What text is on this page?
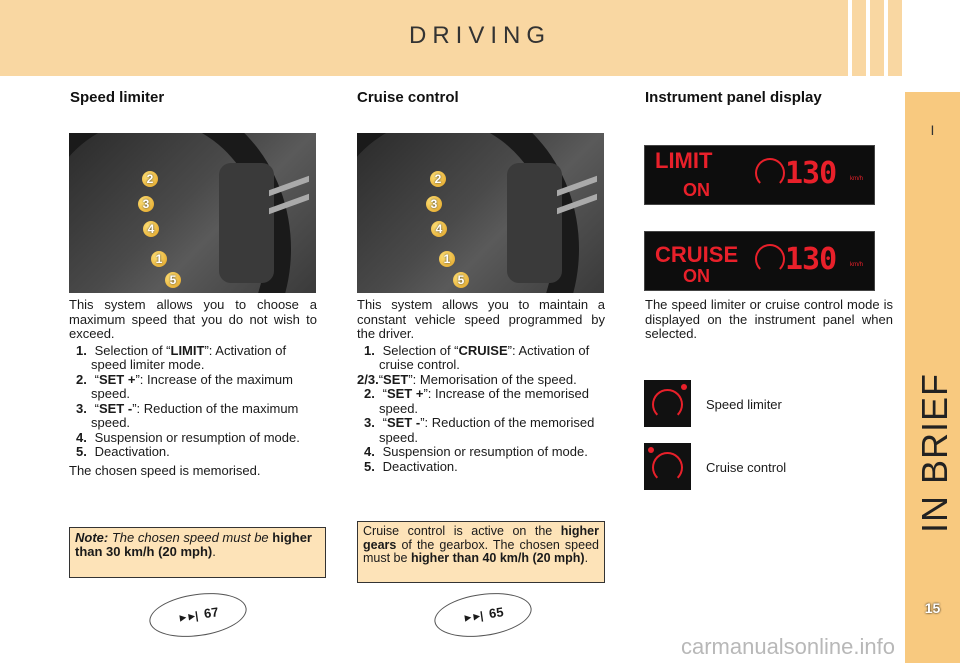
DRIVING
I
IN BRIEF
15
Speed limiter
2
3
4
1
5

This system allows you to choose a maximum speed that you do not wish to exceed.

1. Selection of “LIMIT”: Activation of speed limiter mode.
2. “SET +”: Increase of the maximum speed.
3. “SET -”: Reduction of the maximum speed.
4. Suspension or resumption of mode.
5. Deactivation.

The chosen speed is memorised.

Note: The chosen speed must be higher than 30 km/h (20 mph).
►►| 67
Cruise control
2
3
4
1
5

This system allows you to maintain a constant vehicle speed programmed by the driver.

1. Selection of “CRUISE”: Activation of cruise control.
2/3.“SET”: Memorisation of the speed.
2. “SET +”: Increase of the memorised speed.
3. “SET -”: Reduction of the memorised speed.
4. Suspension or resumption of mode.
5. Deactivation.
Cruise control is active on the higher gears of the gearbox. The chosen speed must be higher than 40 km/h (20 mph).
►►| 65
Instrument panel display
LIMIT
ON	130 km/h
CRUISE
ON	130 km/h
The speed limiter or cruise control mode is displayed on the instrument panel when selected.
Speed limiter
Cruise control
carmanualsonline.info
